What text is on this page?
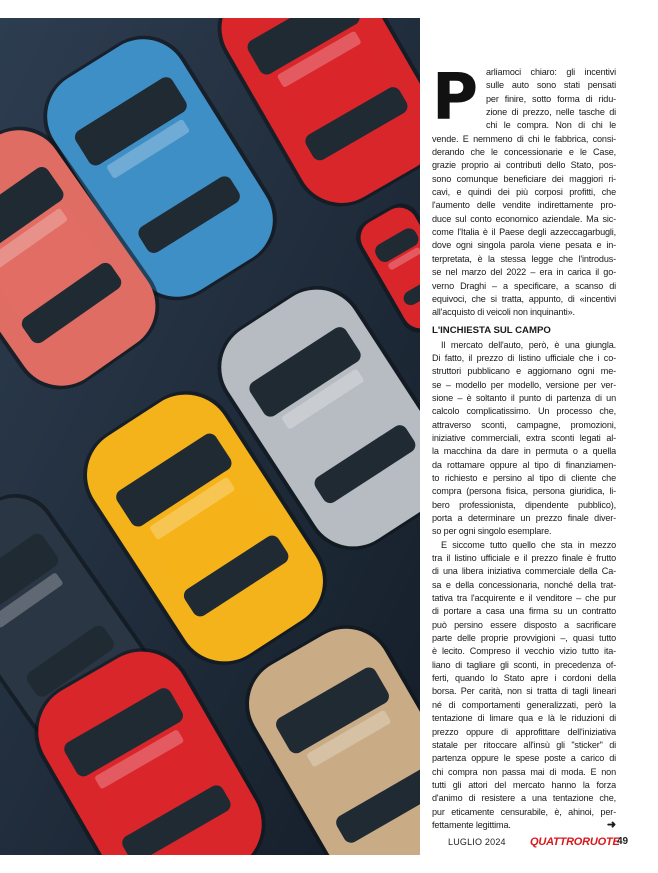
P arliamoci chiaro: gli incentivi
sulle auto sono stati pensati
per finire, sotto forma di ridu-
zione di prezzo, nelle tasche di
chi le compra. Non di chi le
vende. E nemmeno di chi le fabbrica, consi-
derando che le concessionarie e le Case,
grazie proprio ai contributi dello Stato, pos-
sono comunque beneficiare dei maggiori ri-
cavi, e quindi dei più corposi profitti, che
l'aumento delle vendite indirettamente pro-
duce sul conto economico aziendale. Ma sic-
come l'Italia è il Paese degli azzeccagarbugli,
dove ogni singola parola viene pesata e in-
terpretata, è la stessa legge che l'introdus-
se nel marzo del 2022 – era in carica il go-
verno Draghi – a specificare, a scanso di
equivoci, che si tratta, appunto, di «incentivi
all'acquisto di veicoli non inquinanti».
L'INCHIESTA SUL CAMPO
Il mercato dell'auto, però, è una giungla.
Di fatto, il prezzo di listino ufficiale che i co-
struttori pubblicano e aggiornano ogni me-
se – modello per modello, versione per ver-
sione – è soltanto il punto di partenza di un
calcolo complicatissimo. Un processo che,
attraverso sconti, campagne, promozioni,
iniziative commerciali, extra sconti legati al-
la macchina da dare in permuta o a quella
da rottamare oppure al tipo di finanziamen-
to richiesto e persino al tipo di cliente che
compra (persona fisica, persona giuridica, li-
bero professionista, dipendente pubblico),
porta a determinare un prezzo finale diver-
so per ogni singolo esemplare.
E siccome tutto quello che sta in mezzo
tra il listino ufficiale e il prezzo finale è frutto
di una libera iniziativa commerciale della Ca-
sa e della concessionaria, nonché della trat-
tativa tra l'acquirente e il venditore – che pur
di portare a casa una firma su un contratto
può persino essere disposto a sacrificare
parte delle proprie provvigioni –, quasi tutto
è lecito. Compreso il vecchio vizio tutto ita-
liano di tagliare gli sconti, in precedenza of-
ferti, quando lo Stato apre i cordoni della
borsa. Per carità, non si tratta di tagli lineari
né di comportamenti generalizzati, però la
tentazione di limare qua e là le riduzioni di
prezzo oppure di approfittare dell'iniziativa
statale per ritoccare all'insù gli "sticker" di
partenza oppure le spese poste a carico di
chi compra non passa mai di moda. E non
tutti gli attori del mercato hanno la forza
d'animo di resistere a una tentazione che,
pur eticamente censurabile, è, ahinoi, per-
fettamente legittima.	➜
LUGLIO 2024 QUATTRORUOTE
49
